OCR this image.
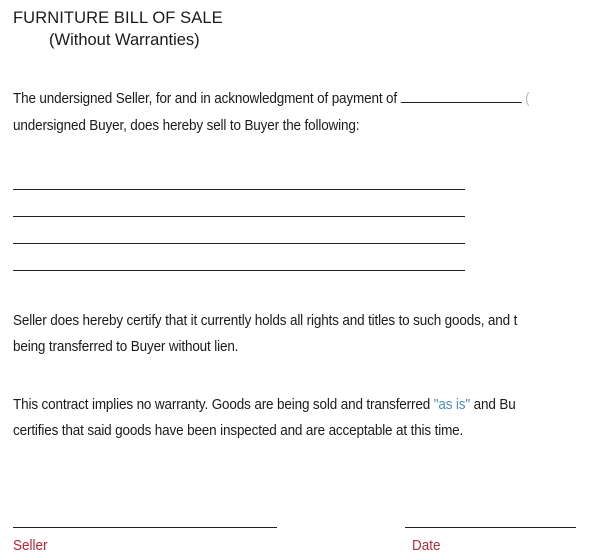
FURNITURE BILL OF SALE
(Without Warranties)
The undersigned Seller, for and in acknowledgment of payment of	(
undersigned Buyer, does hereby sell to Buyer the following:
Seller does hereby certify that it currently holds all rights and titles to such goods, and t
being transferred to Buyer without lien.
This contract implies no warranty. Goods are being sold and transferred "as is" and Bu
certifies that said goods have been inspected and are acceptable at this time.
Seller	Date
